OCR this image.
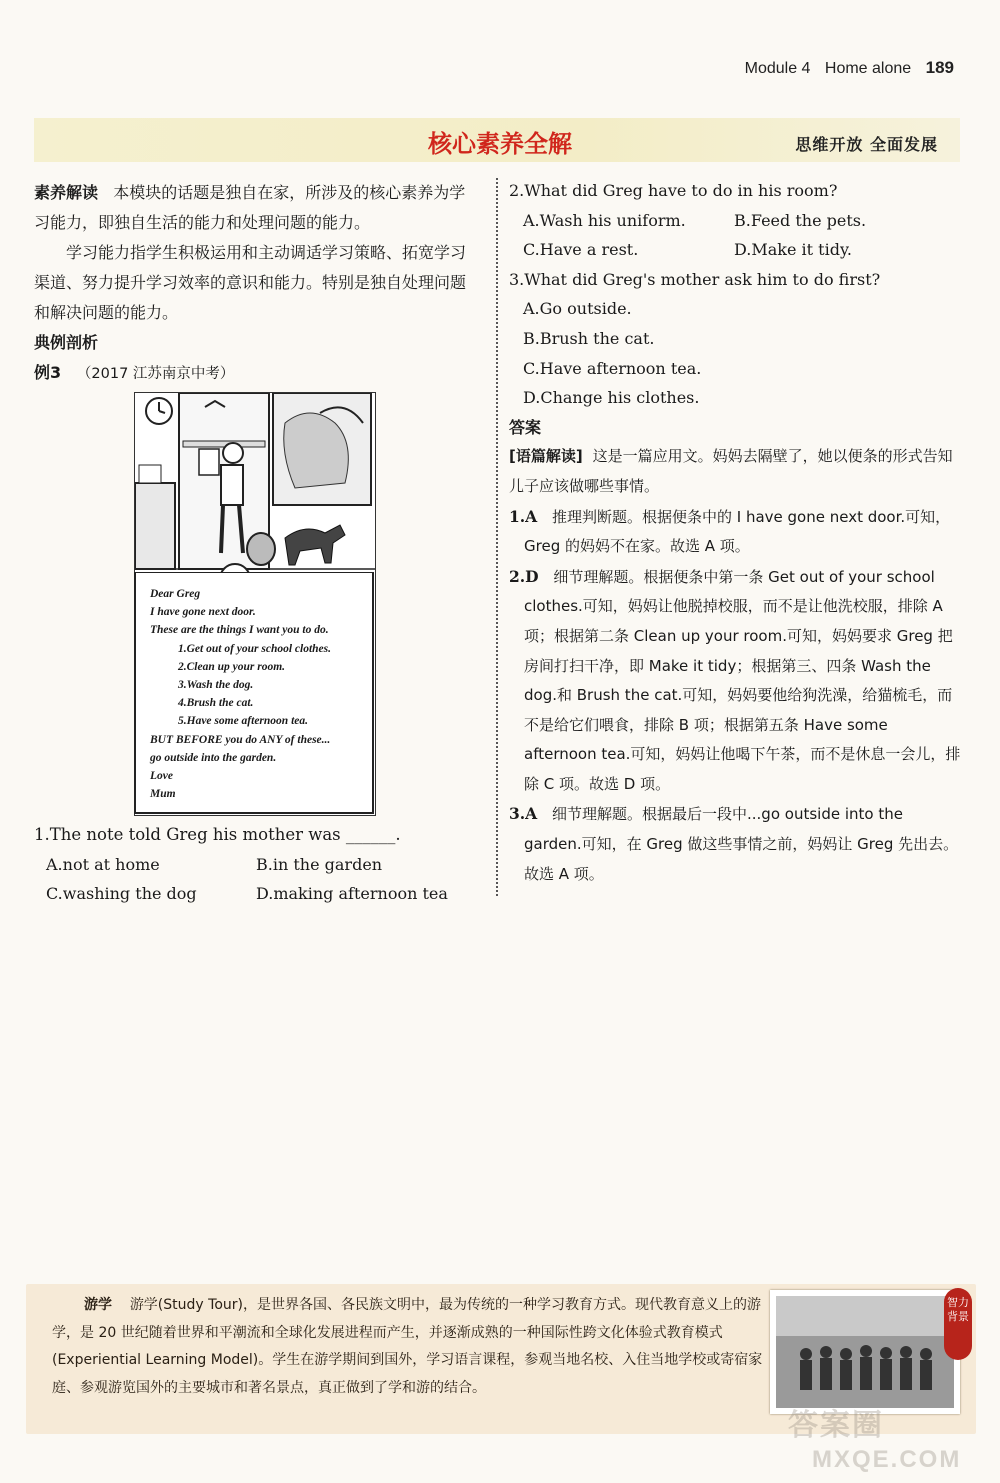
Module 4 Home alone 189
核心素养全解	思维开放 全面发展

素养解读 本模块的话题是独自在家，所涉及的核心素养为学习能力，即独自生活的能力和处理问题的能力。

学习能力指学生积极运用和主动调适学习策略、拓宽学习渠道、努力提升学习效率的意识和能力。特别是独自处理问题和解决问题的能力。

典例剖析

例3 （2017 江苏南京中考）

Dear Greg
I have gone next door.
These are the things I want you to do.
1.Get out of your school clothes.
2.Clean up your room.
3.Wash the dog.
4.Brush the cat.
5.Have some afternoon tea.
BUT BEFORE you do ANY of these...
go outside into the garden.
Love
Mum
1.The note told Greg his mother was ______.
A.not at home	B.in the garden
C.washing the dog	D.making afternoon tea
2.What did Greg have to do in his room?
A.Wash his uniform.	B.Feed the pets.
C.Have a rest.	D.Make it tidy.
3.What did Greg's mother ask him to do first?
A.Go outside.
B.Brush the cat.
C.Have afternoon tea.
D.Change his clothes.
答案
[语篇解读] 这是一篇应用文。妈妈去隔壁了，她以便条的形式告知儿子应该做哪些事情。
1.A 推理判断题。根据便条中的 I have gone next door.可知，Greg 的妈妈不在家。故选 A 项。
2.D 细节理解题。根据便条中第一条 Get out of your school clothes.可知，妈妈让他脱掉校服，而不是让他洗校服，排除 A 项；根据第二条 Clean up your room.可知，妈妈要求 Greg 把房间打扫干净，即 Make it tidy；根据第三、四条 Wash the dog.和 Brush the cat.可知，妈妈要他给狗洗澡，给猫梳毛，而不是给它们喂食，排除 B 项；根据第五条 Have some afternoon tea.可知，妈妈让他喝下午茶，而不是休息一会儿，排除 C 项。故选 D 项。
3.A 细节理解题。根据最后一段中...go outside into the garden.可知，在 Greg 做这些事情之前，妈妈让 Greg 先出去。故选 A 项。
游学 游学(Study Tour)，是世界各国、各民族文明中，最为传统的一种学习教育方式。现代教育意义上的游学，是 20 世纪随着世界和平潮流和全球化发展进程而产生，并逐渐成熟的一种国际性跨文化体验式教育模式(Experiential Learning Model)。学生在游学期间到国外，学习语言课程，参观当地名校、入住当地学校或寄宿家庭、参观游览国外的主要城市和著名景点，真正做到了学和游的结合。
智力背景
答案圈
MXQE.COM
